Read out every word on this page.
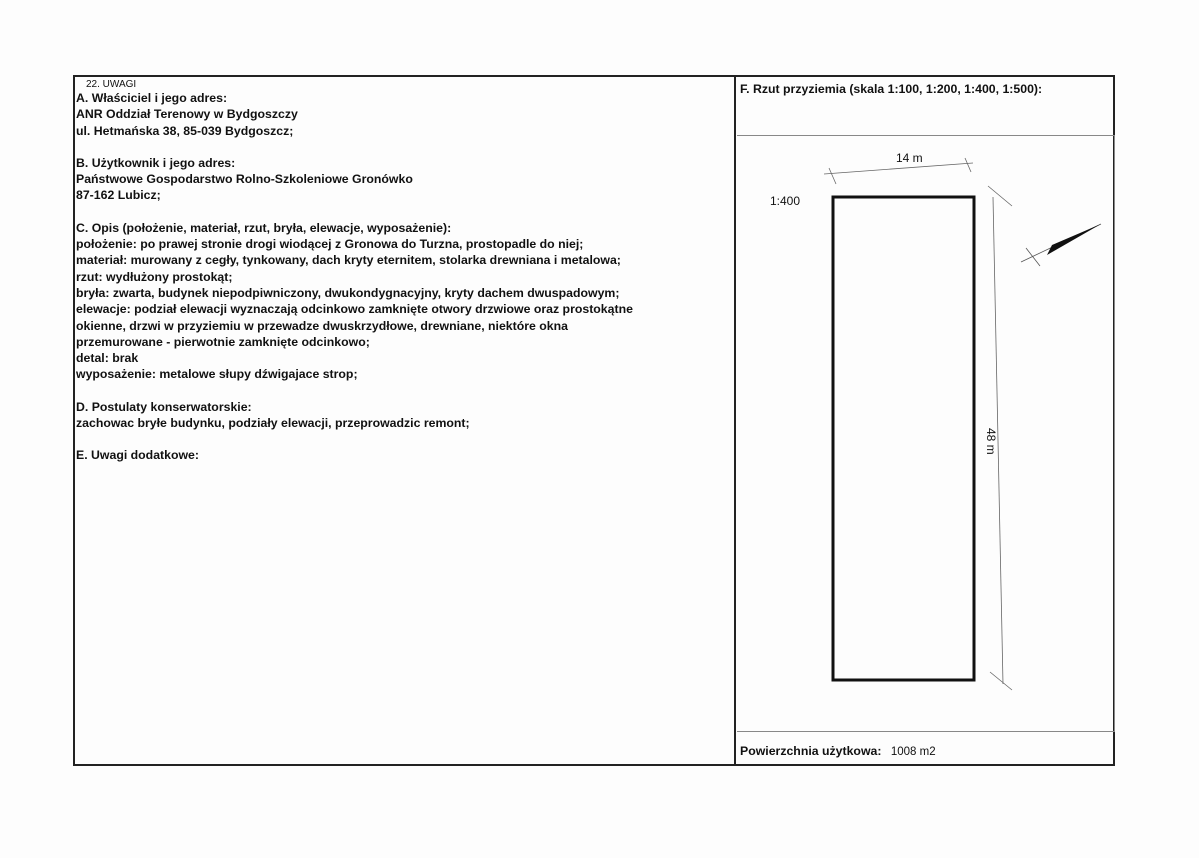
22. UWAGI
A. Właściciel i jego adres:
ANR Oddział Terenowy w Bydgoszczy
ul. Hetmańska 38, 85-039 Bydgoszcz;
B. Użytkownik i jego adres:
Państwowe Gospodarstwo Rolno-Szkoleniowe Gronówko
87-162 Lubicz;
C. Opis (położenie, materiał, rzut, bryła, elewacje, wyposażenie):
położenie: po prawej stronie drogi wiodącej z Gronowa do Turzna, prostopadle do niej;
materiał: murowany z cegły, tynkowany, dach kryty eternitem, stolarka drewniana i metalowa;
rzut: wydłużony prostokąt;
bryła: zwarta, budynek niepodpiwniczony, dwukondygnacyjny, kryty dachem dwuspadowym;
elewacje: podział elewacji wyznaczają odcinkowo zamknięte otwory drzwiowe oraz prostokątne
okienne, drzwi w przyziemiu w przewadze dwuskrzydłowe, drewniane, niektóre okna
przemurowane - pierwotnie zamknięte odcinkowo;
detal: brak
wyposażenie: metalowe słupy dźwigajace strop;
D. Postulaty konserwatorskie:
zachowac bryłe budynku, podziały elewacji, przeprowadzic remont;
E. Uwagi dodatkowe:
F. Rzut przyziemia (skala 1:100, 1:200, 1:400, 1:500):
1:400
14 m
48 m
Powierzchnia użytkowa: 1008 m2
